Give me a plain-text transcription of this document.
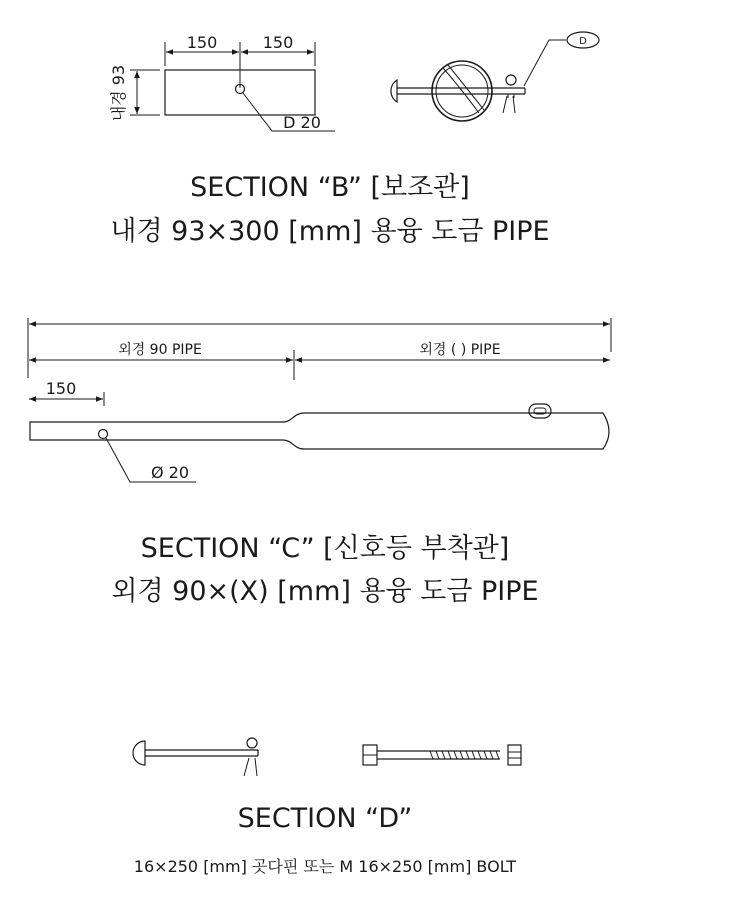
150	150
내경 93
D 20
D
SECTION “B” [보조관]
내경 93×300 [mm] 용융 도금 PIPE
외경 90 PIPE	외경 ( ) PIPE
150
Ø 20
SECTION “C” [신호등 부착관]
외경 90×(X) [mm] 용융 도금 PIPE
SECTION “D”
16×250 [mm] 곳다핀 또는 M 16×250 [mm] BOLT
